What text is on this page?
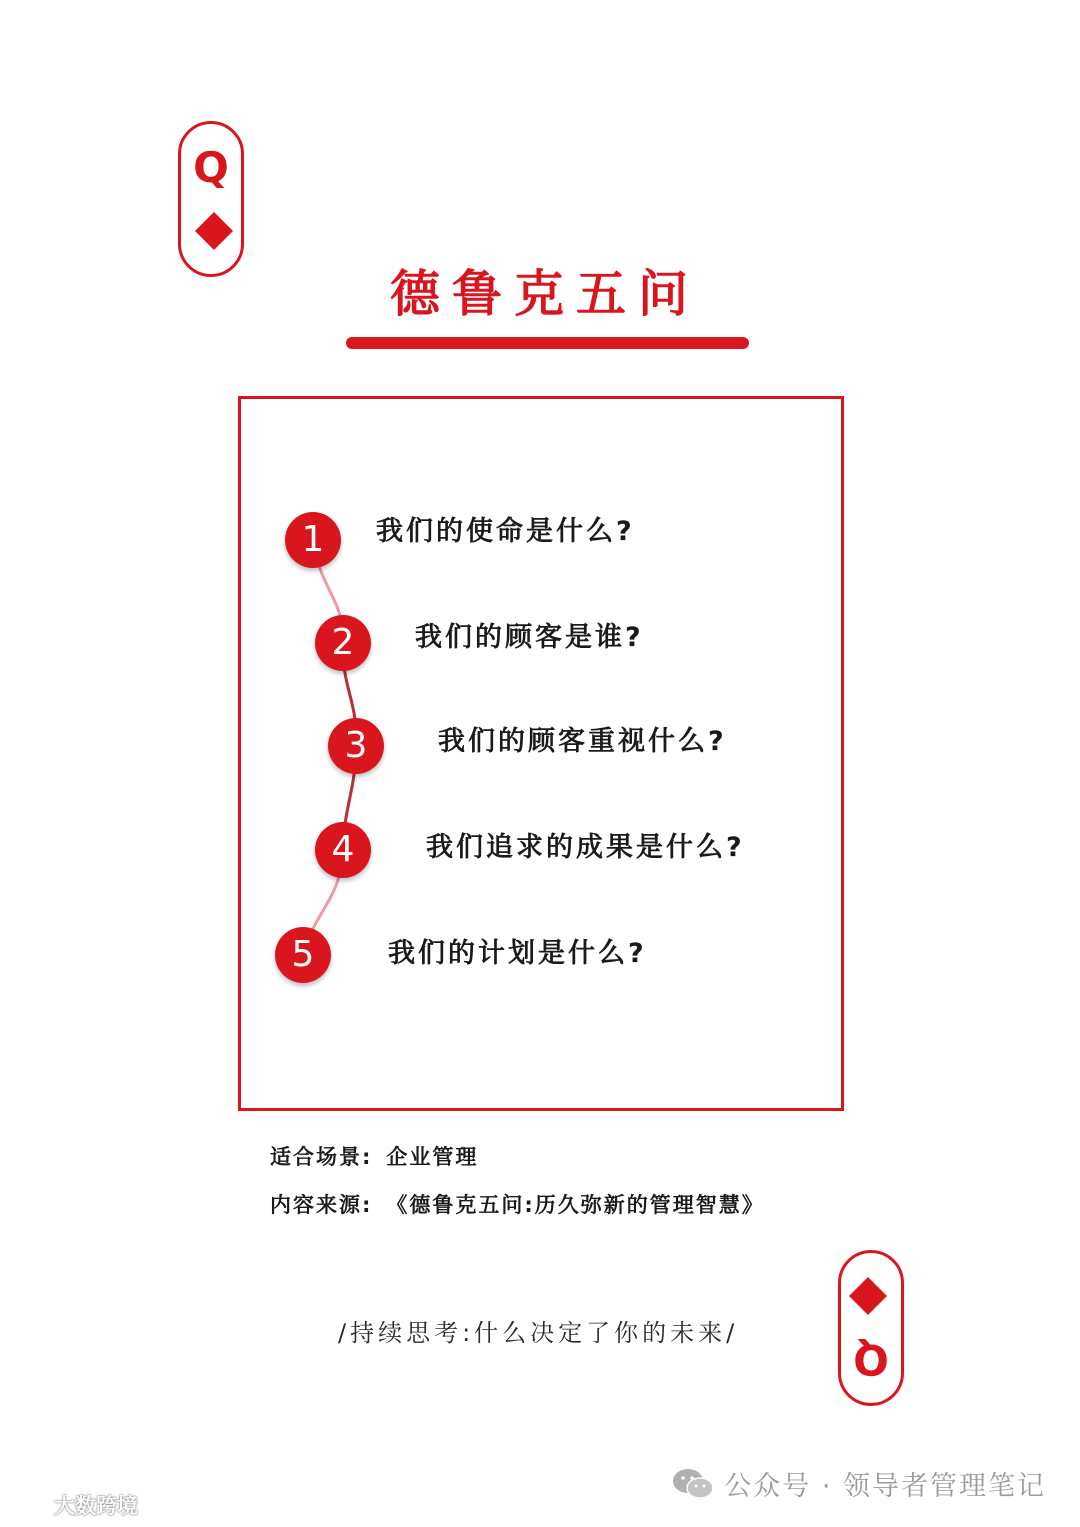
Q
德鲁克五问
1	我们的使命是什么?
2	我们的顾客是谁?
3	我们的顾客重视什么?
4	我们追求的成果是什么?
5	我们的计划是什么?
适合场景: 企业管理
内容来源: 《德鲁克五问:历久弥新的管理智慧》
/持续思考:什么决定了你的未来/
Q
公众号 · 领导者管理笔记
大数跨境
